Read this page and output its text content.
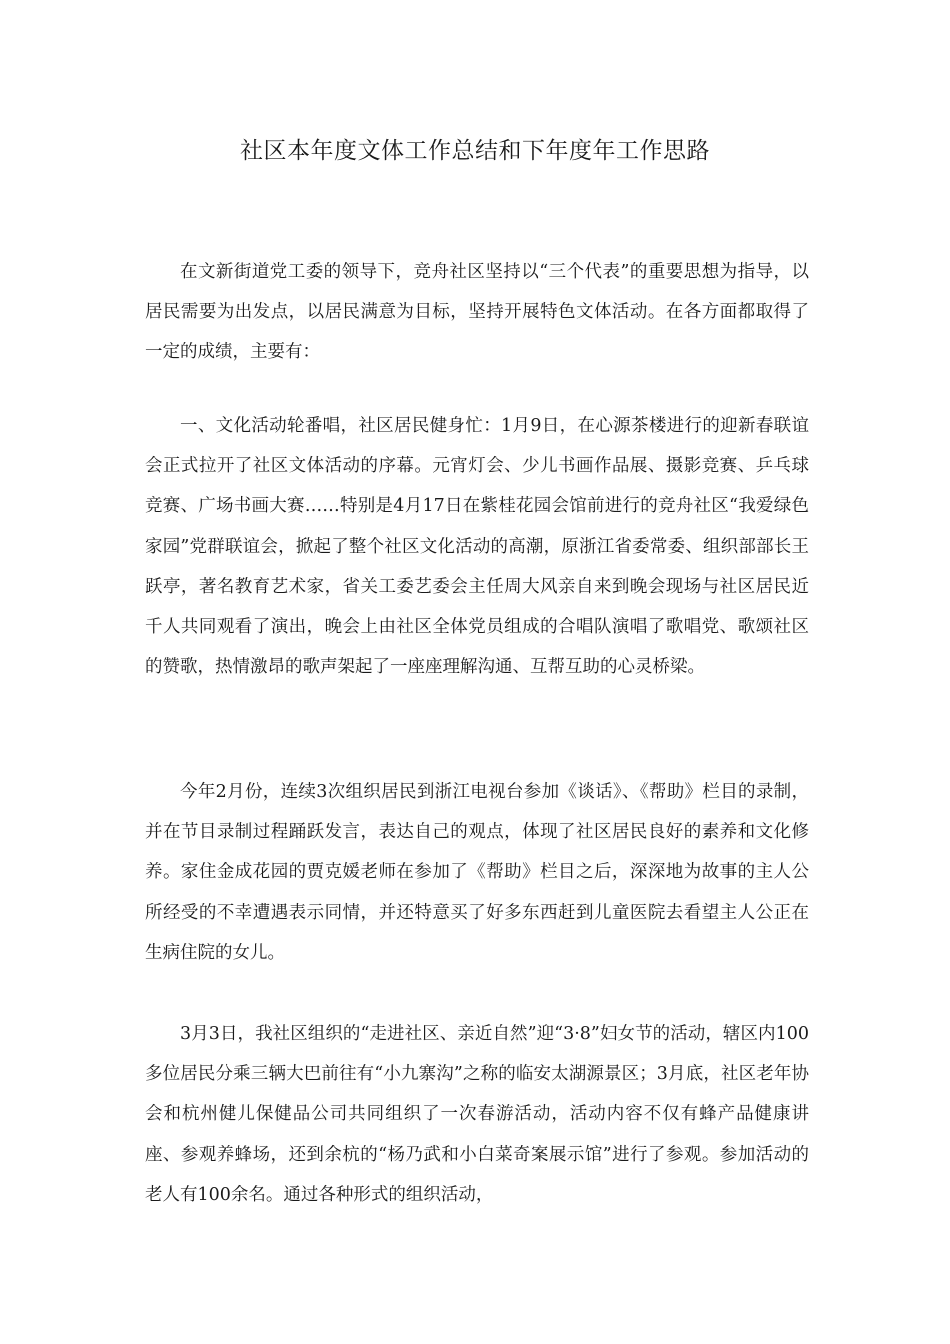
社区本年度文体工作总结和下年度年工作思路

在文新街道党工委的领导下，竞舟社区坚持以“三个代表”的重要思想为指导，以居民需要为出发点，以居民满意为目标，坚持开展特色文体活动。在各方面都取得了一定的成绩，主要有：

一、文化活动轮番唱，社区居民健身忙：1月9日，在心源茶楼进行的迎新春联谊会正式拉开了社区文体活动的序幕。元宵灯会、少儿书画作品展、摄影竞赛、乒乓球竞赛、广场书画大赛……特别是4月17日在紫桂花园会馆前进行的竞舟社区“我爱绿色家园”党群联谊会，掀起了整个社区文化活动的高潮，原浙江省委常委、组织部部长王跃亭，著名教育艺术家，省关工委艺委会主任周大风亲自来到晚会现场与社区居民近千人共同观看了演出，晚会上由社区全体党员组成的合唱队演唱了歌唱党、歌颂社区的赞歌，热情激昂的歌声架起了一座座理解沟通、互帮互助的心灵桥梁。

今年2月份，连续3次组织居民到浙江电视台参加《谈话》、《帮助》栏目的录制，并在节目录制过程踊跃发言，表达自己的观点，体现了社区居民良好的素养和文化修养。家住金成花园的贾克媛老师在参加了《帮助》栏目之后，深深地为故事的主人公所经受的不幸遭遇表示同情，并还特意买了好多东西赶到儿童医院去看望主人公正在生病住院的女儿。

3月3日，我社区组织的“走进社区、亲近自然”迎“3·8”妇女节的活动，辖区内100多位居民分乘三辆大巴前往有“小九寨沟”之称的临安太湖源景区；3月底，社区老年协会和杭州健儿保健品公司共同组织了一次春游活动，活动内容不仅有蜂产品健康讲座、参观养蜂场，还到余杭的“杨乃武和小白菜奇案展示馆”进行了参观。参加活动的老人有100余名。通过各种形式的组织活动，
